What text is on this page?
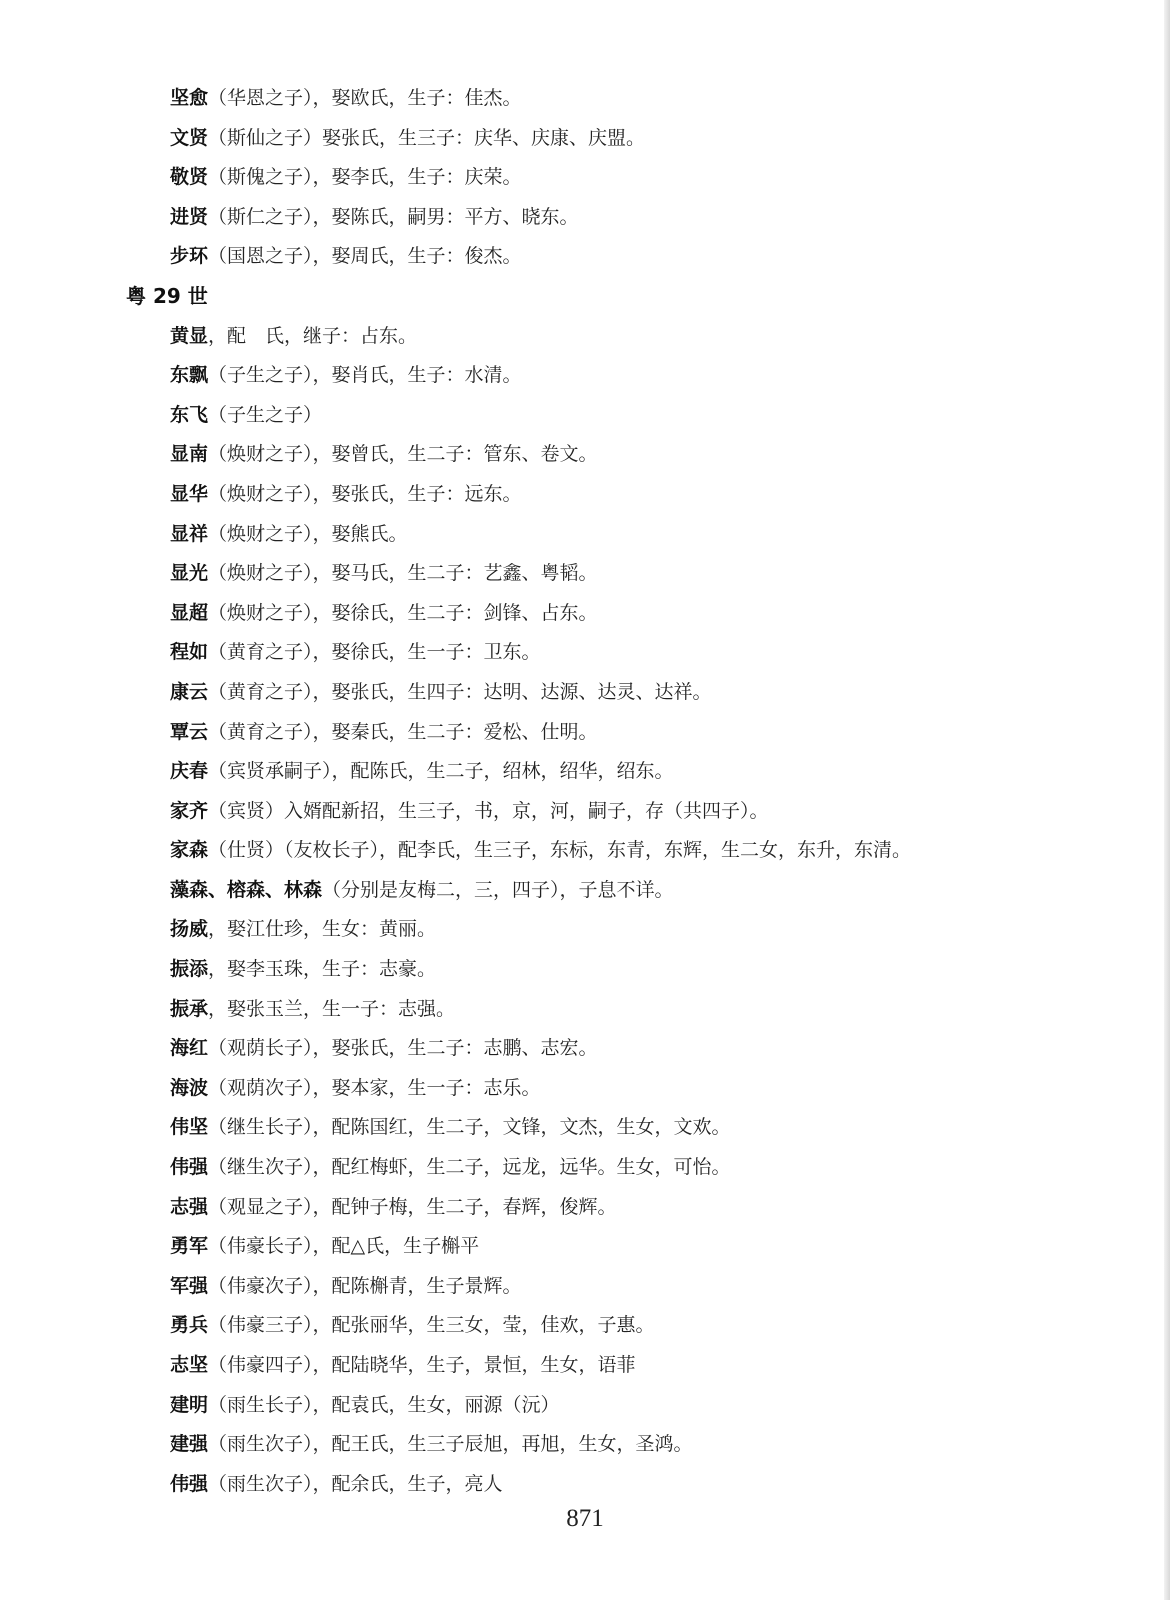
坚愈（华恩之子），娶欧氏，生子：佳杰。
文贤（斯仙之子）娶张氏，生三子：庆华、庆康、庆盟。
敬贤（斯傀之子），娶李氏，生子：庆荣。
进贤（斯仁之子），娶陈氏，嗣男：平方、晓东。
步环（国恩之子），娶周氏，生子：俊杰。
粤 29 世
黄显，配　氏，继子：占东。
东飘（子生之子），娶肖氏，生子：水清。
东飞（子生之子）
显南（焕财之子），娶曾氏，生二子：管东、卷文。
显华（焕财之子），娶张氏，生子：远东。
显祥（焕财之子），娶熊氏。
显光（焕财之子），娶马氏，生二子：艺鑫、粤韬。
显超（焕财之子），娶徐氏，生二子：剑锋、占东。
程如（黄育之子），娶徐氏，生一子：卫东。
康云（黄育之子），娶张氏，生四子：达明、达源、达灵、达祥。
覃云（黄育之子），娶秦氏，生二子：爱松、仕明。
庆春（宾贤承嗣子），配陈氏，生二子，绍林，绍华，绍东。
家齐（宾贤）入婿配新招，生三子，书，京，河，嗣子，存（共四子）。
家森（仕贤）（友枚长子），配李氏，生三子，东标，东青，东辉，生二女，东升，东清。
藻森、榕森、林森（分别是友梅二，三，四子），子息不详。
扬威，娶江仕珍，生女：黄丽。
振添，娶李玉珠，生子：志豪。
振承，娶张玉兰，生一子：志强。
海红（观荫长子），娶张氏，生二子：志鹏、志宏。
海波（观荫次子），娶本家，生一子：志乐。
伟坚（继生长子），配陈国红，生二子，文锋，文杰，生女，文欢。
伟强（继生次子），配红梅虾，生二子，远龙，远华。生女，可怡。
志强（观显之子），配钟子梅，生二子，春辉，俊辉。
勇军（伟豪长子），配△氏，生子槲平
军强（伟豪次子），配陈槲青，生子景辉。
勇兵（伟豪三子），配张丽华，生三女，莹，佳欢，子惠。
志坚（伟豪四子），配陆晓华，生子，景恒，生女，语菲
建明（雨生长子），配袁氏，生女，丽源（沅）
建强（雨生次子），配王氏，生三子辰旭，再旭，生女，圣鸿。
伟强（雨生次子），配余氏，生子，亮人
871
